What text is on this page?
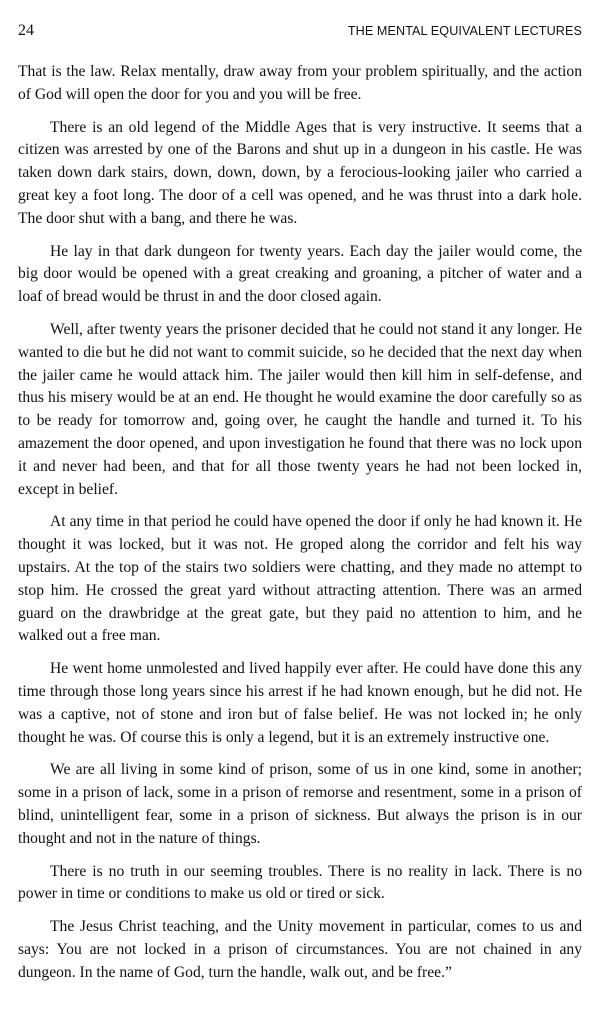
24	THE MENTAL EQUIVALENT LECTURES

That is the law. Relax mentally, draw away from your problem spiritually, and the action of God will open the door for you and you will be free.

There is an old legend of the Middle Ages that is very instructive. It seems that a citizen was arrested by one of the Barons and shut up in a dungeon in his castle. He was taken down dark stairs, down, down, down, by a ferocious-looking jailer who carried a great key a foot long. The door of a cell was opened, and he was thrust into a dark hole. The door shut with a bang, and there he was.

He lay in that dark dungeon for twenty years. Each day the jailer would come, the big door would be opened with a great creaking and groaning, a pitcher of water and a loaf of bread would be thrust in and the door closed again.

Well, after twenty years the prisoner decided that he could not stand it any longer. He wanted to die but he did not want to commit suicide, so he decided that the next day when the jailer came he would attack him. The jailer would then kill him in self-defense, and thus his misery would be at an end. He thought he would examine the door carefully so as to be ready for tomorrow and, going over, he caught the handle and turned it. To his amazement the door opened, and upon investigation he found that there was no lock upon it and never had been, and that for all those twenty years he had not been locked in, except in belief.

At any time in that period he could have opened the door if only he had known it. He thought it was locked, but it was not. He groped along the corridor and felt his way upstairs. At the top of the stairs two soldiers were chatting, and they made no attempt to stop him. He crossed the great yard without attracting attention. There was an armed guard on the drawbridge at the great gate, but they paid no attention to him, and he walked out a free man.

He went home unmolested and lived happily ever after. He could have done this any time through those long years since his arrest if he had known enough, but he did not. He was a captive, not of stone and iron but of false belief. He was not locked in; he only thought he was. Of course this is only a legend, but it is an extremely instructive one.

We are all living in some kind of prison, some of us in one kind, some in another; some in a prison of lack, some in a prison of remorse and resentment, some in a prison of blind, unintelligent fear, some in a prison of sickness. But always the prison is in our thought and not in the nature of things.

There is no truth in our seeming troubles. There is no reality in lack. There is no power in time or conditions to make us old or tired or sick.

The Jesus Christ teaching, and the Unity movement in particular, comes to us and says: You are not locked in a prison of circumstances. You are not chained in any dungeon. In the name of God, turn the handle, walk out, and be free.”
